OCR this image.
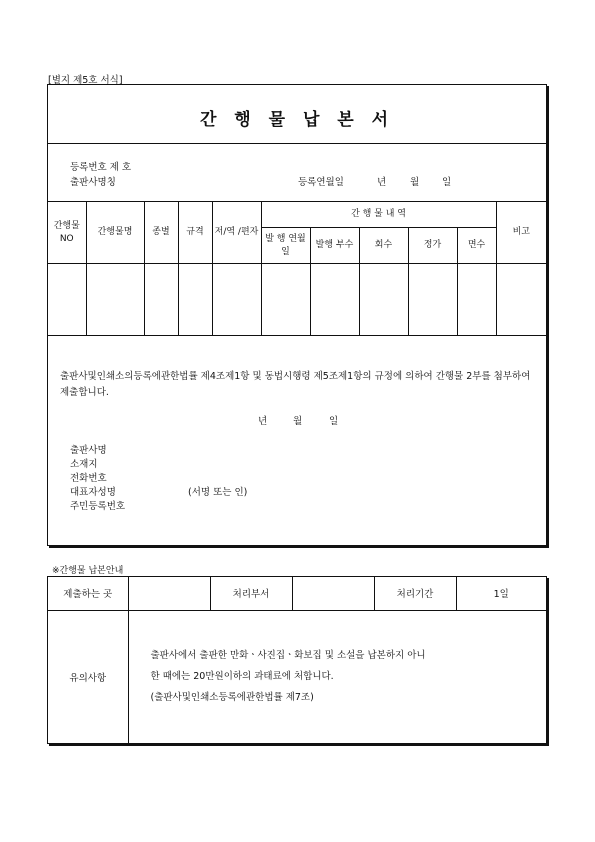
[별지 제5호 서식]
간 행 물 납 본 서
등록번호 제 호
출판사명칭	등록연월일	년	월 일
간행물 NO	간행물명	종별	규격	저/역 /편자	간 행 물 내 역					비고
					발 행 연월일	발행 부수	회수	정가	면수	

출판사및인쇄소의등록에관한법률 제4조제1항 및 동법시행령 제5조제1항의 규정에 의하여 간행물 2부를 첨부하여 제출합니다.
년	월	일
출판사명
소재지
전화번호
대표자성명	(서명 또는 인)
주민등록번호
※간행물 납본안내
제출하는 곳		처리부서		처리기간	1일
유의사항	출판사에서 출판한 만화ㆍ사진집ㆍ화보집 및 소설을 납본하지 아니
한 때에는 20만원이하의 과태료에 처합니다.
(출판사및인쇄소등록에관한법률 제7조)				
